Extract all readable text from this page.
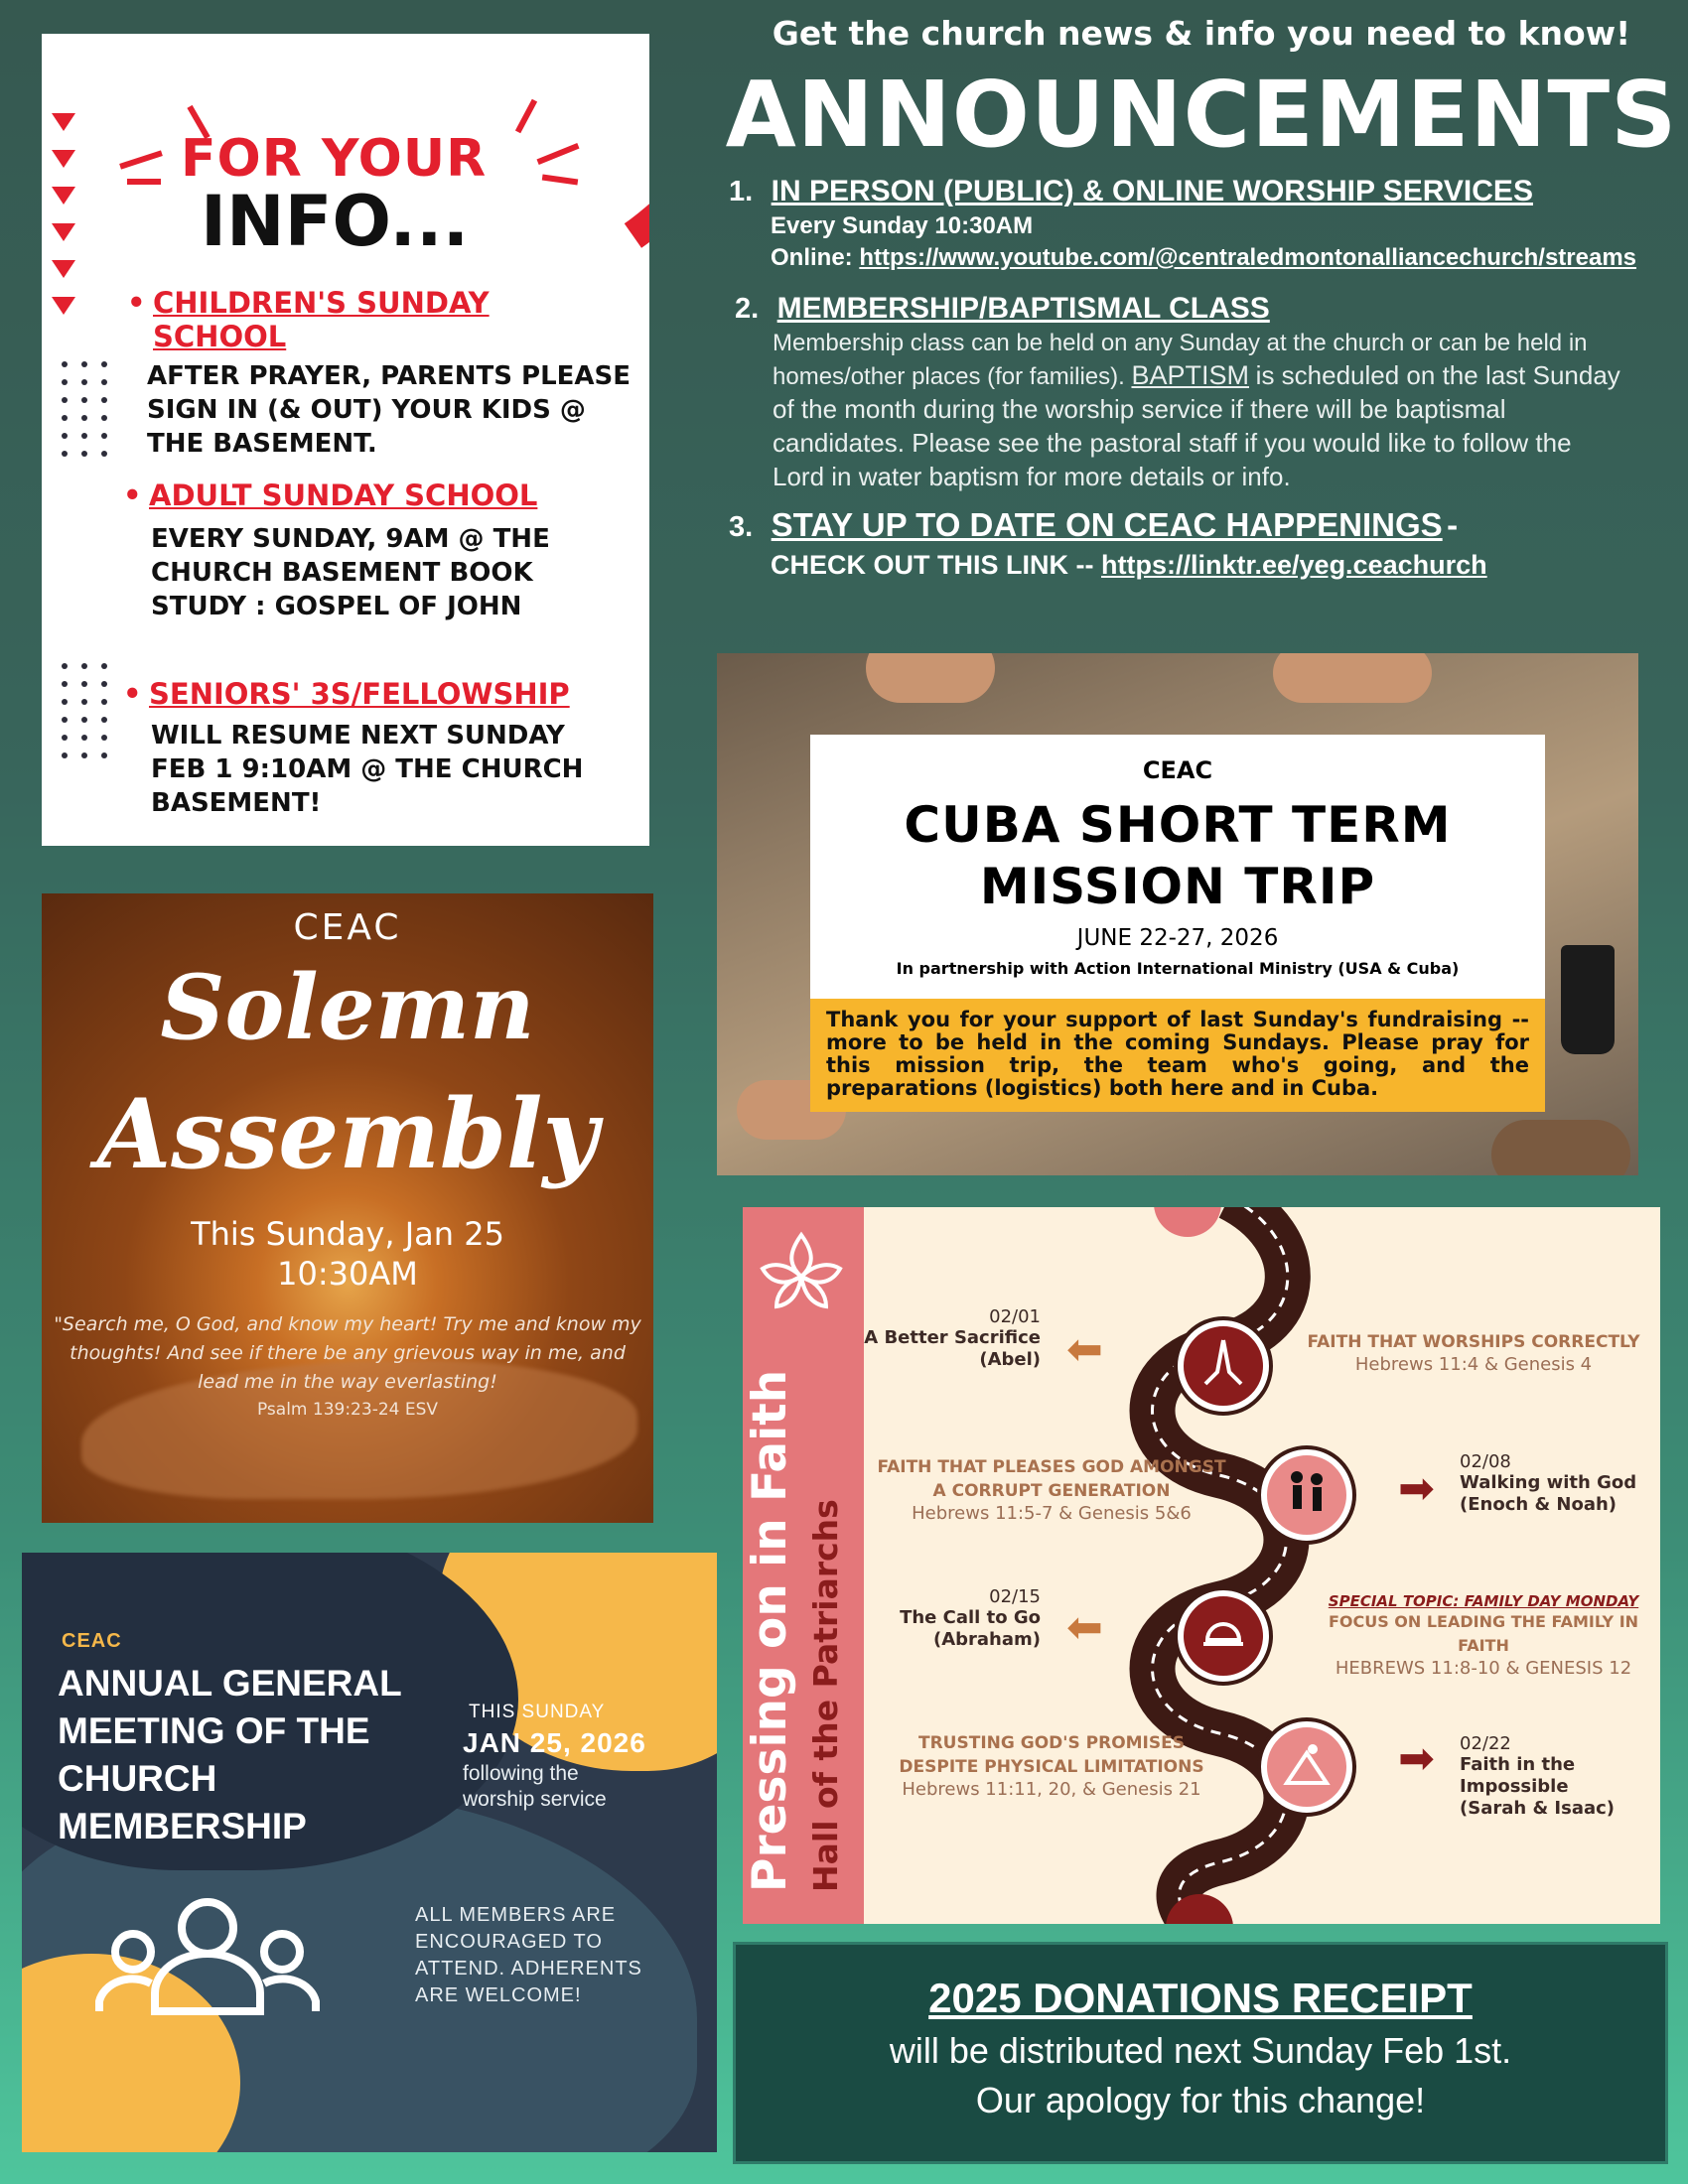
FOR YOUR
INFO...
• CHILDREN'S SUNDAY SCHOOL
AFTER PRAYER, PARENTS PLEASE SIGN IN (& OUT) YOUR KIDS @ THE BASEMENT.
• ADULT SUNDAY SCHOOL
EVERY SUNDAY, 9AM @ THE CHURCH BASEMENT BOOK STUDY : GOSPEL OF JOHN
• SENIORS' 3S/FELLOWSHIP
WILL RESUME NEXT SUNDAY FEB 1 9:10AM @ THE CHURCH BASEMENT!
Get the church news & info you need to know!
ANNOUNCEMENTS
1. IN PERSON (PUBLIC) & ONLINE WORSHIP SERVICES
Every Sunday 10:30AM
Online: https://www.youtube.com/@centraledmontonalliancechurch/streams
2. MEMBERSHIP/BAPTISMAL CLASS
Membership class can be held on any Sunday at the church or can be held in homes/other places (for families). BAPTISM is scheduled on the last Sunday of the month during the worship service if there will be baptismal candidates. Please see the pastoral staff if you would like to follow the Lord in water baptism for more details or info.
3. STAY UP TO DATE ON CEAC HAPPENINGS -
CHECK OUT THIS LINK -- https://linktr.ee/yeg.ceachurch
CEAC
CUBA SHORT TERM
MISSION TRIP
JUNE 22-27, 2026
In partnership with Action International Ministry (USA & Cuba)
Thank you for your support of last Sunday's fundraising -- more to be held in the coming Sundays. Please pray for this mission trip, the team who's going, and the preparations (logistics) both here and in Cuba.
CEAC
Solemn
Assembly
This Sunday, Jan 25
10:30AM
"Search me, O God, and know my heart! Try me and know my thoughts! And see if there be any grievous way in me, and lead me in the way everlasting!
Psalm 139:23-24 ESV
CEAC
ANNUAL GENERAL
MEETING OF THE
CHURCH
MEMBERSHIP
THIS SUNDAY
JAN 25, 2026
following the
worship service
ALL MEMBERS ARE
ENCOURAGED TO
ATTEND. ADHERENTS
ARE WELCOME!
Pressing on in Faith Hall of the Patriarchs
02/01
A Better Sacrifice
(Abel) ⬅	FAITH THAT WORSHIPS CORRECTLY
Hebrews 11:4 & Genesis 4
FAITH THAT PLEASES GOD AMONGST
A CORRUPT GENERATION
Hebrews 11:5-7 & Genesis 5&6
➡
02/08
Walking with God
(Enoch & Noah)
02/15
The Call to Go
(Abraham) ⬅
SPECIAL TOPIC: FAMILY DAY MONDAY
FOCUS ON LEADING THE FAMILY IN FAITH
HEBREWS 11:8-10 & GENESIS 12
TRUSTING GOD'S PROMISES
DESPITE PHYSICAL LIMITATIONS
Hebrews 11:11, 20, & Genesis 21
➡ 02/22
Faith in the Impossible
(Sarah & Isaac)
2025 DONATIONS RECEIPT
will be distributed next Sunday Feb 1st.
Our apology for this change!
